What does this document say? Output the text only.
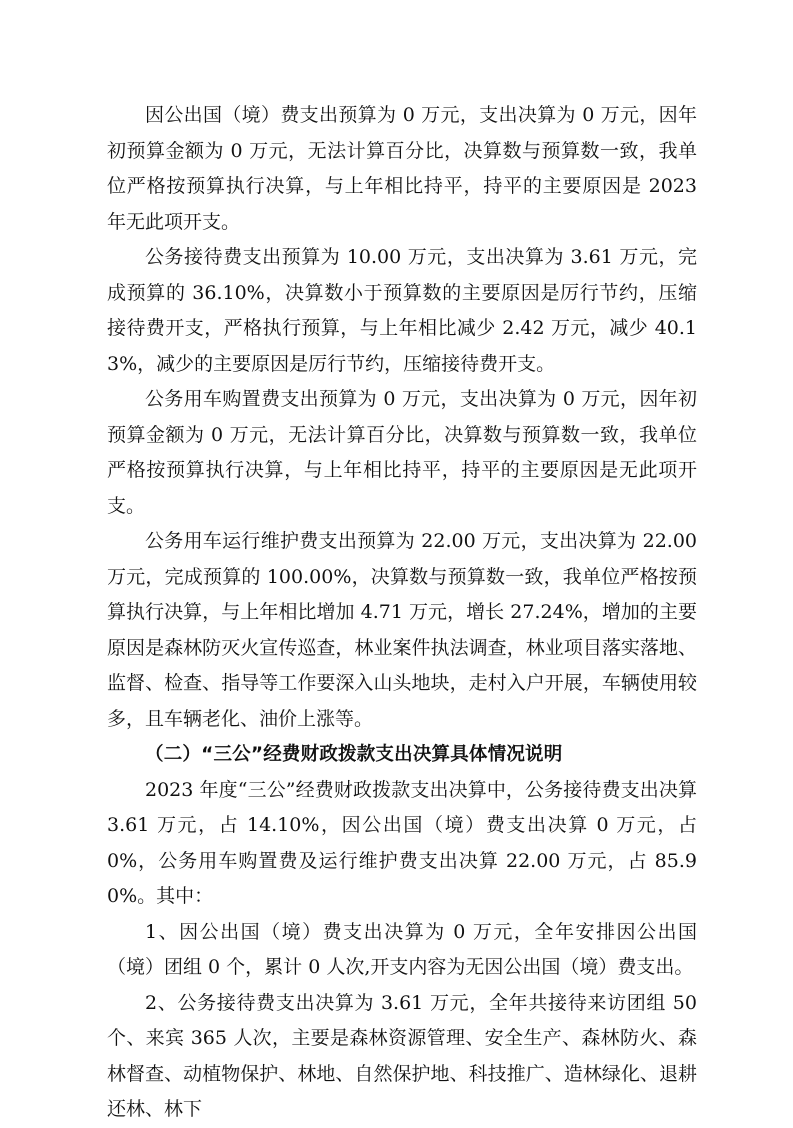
因公出国（境）费支出预算为 0 万元，支出决算为 0 万元，因年初预算金额为 0 万元，无法计算百分比，决算数与预算数一致，我单位严格按预算执行决算，与上年相比持平，持平的主要原因是 2023 年无此项开支。

公务接待费支出预算为 10.00 万元，支出决算为 3.61 万元，完成预算的 36.10%，决算数小于预算数的主要原因是厉行节约，压缩接待费开支，严格执行预算，与上年相比减少 2.42 万元，减少 40.13%，减少的主要原因是厉行节约，压缩接待费开支。

公务用车购置费支出预算为 0 万元，支出决算为 0 万元，因年初预算金额为 0 万元，无法计算百分比，决算数与预算数一致，我单位严格按预算执行决算，与上年相比持平，持平的主要原因是无此项开支。

公务用车运行维护费支出预算为 22.00 万元，支出决算为 22.00 万元，完成预算的 100.00%，决算数与预算数一致，我单位严格按预算执行决算，与上年相比增加 4.71 万元，增长 27.24%，增加的主要原因是森林防灭火宣传巡查，林业案件执法调查，林业项目落实落地、监督、检查、指导等工作要深入山头地块，走村入户开展，车辆使用较多，且车辆老化、油价上涨等。

（二）“三公”经费财政拨款支出决算具体情况说明

2023 年度“三公”经费财政拨款支出决算中，公务接待费支出决算 3.61 万元，占 14.10%，因公出国（境）费支出决算 0 万元，占 0%，公务用车购置费及运行维护费支出决算 22.00 万元，占 85.90%。其中：

1、因公出国（境）费支出决算为 0 万元，全年安排因公出国（境）团组 0 个，累计 0 人次,开支内容为无因公出国（境）费支出。

2、公务接待费支出决算为 3.61 万元，全年共接待来访团组 50 个、来宾 365 人次，主要是森林资源管理、安全生产、森林防火、森林督查、动植物保护、林地、自然保护地、科技推广、造林绿化、退耕还林、林下
